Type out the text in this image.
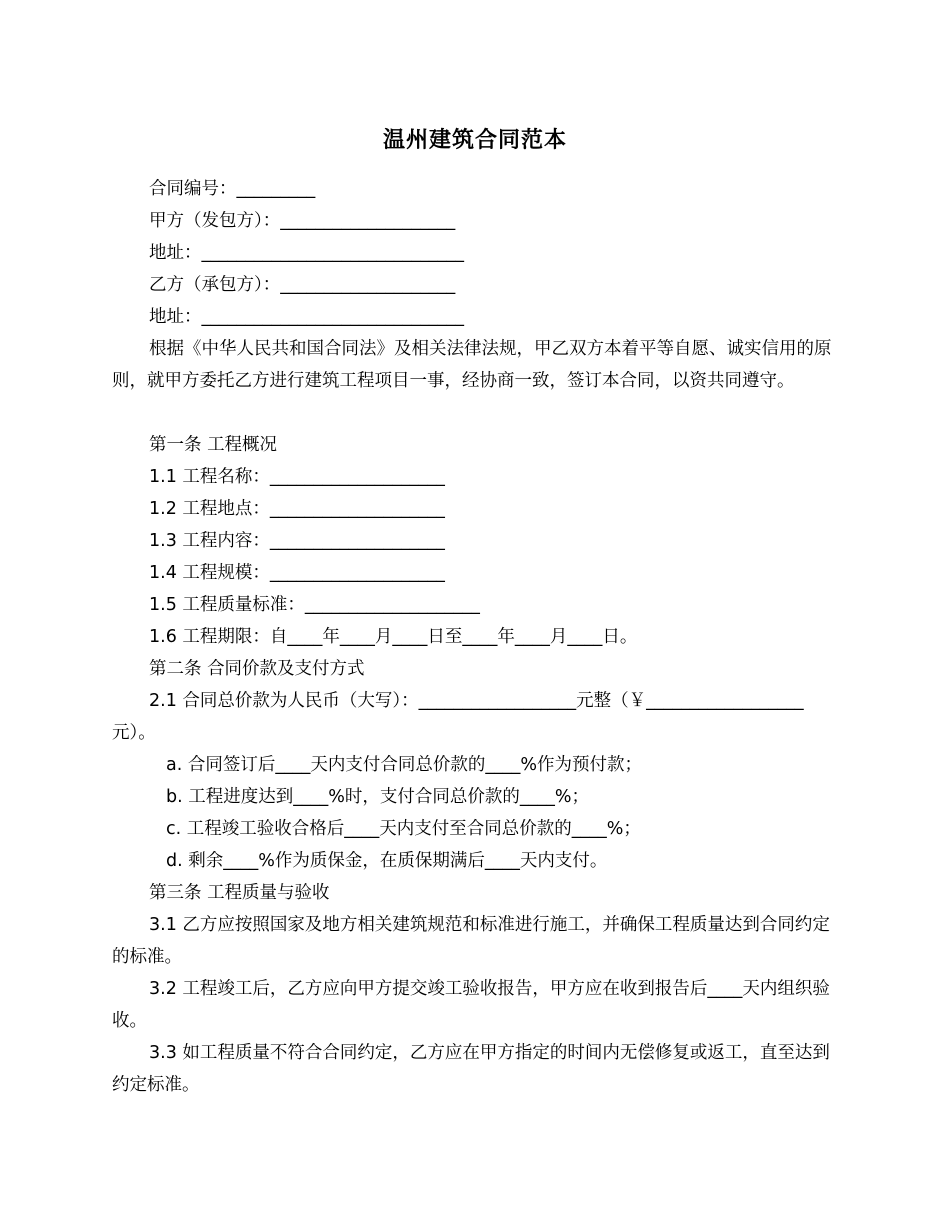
温州建筑合同范本
合同编号：_________
甲方（发包方）：____________________
地址：______________________________
乙方（承包方）：____________________
地址：______________________________
根据《中华人民共和国合同法》及相关法律法规，甲乙双方本着平等自愿、诚实信用的原则，就甲方委托乙方进行建筑工程项目一事，经协商一致，签订本合同，以资共同遵守。
第一条 工程概况
1.1 工程名称：____________________
1.2 工程地点：____________________
1.3 工程内容：____________________
1.4 工程规模：____________________
1.5 工程质量标准：____________________
1.6 工程期限：自____年____月____日至____年____月____日。
第二条 合同价款及支付方式
2.1 合同总价款为人民币（大写）：__________________元整（￥__________________元）。
a. 合同签订后____天内支付合同总价款的____%作为预付款；
b. 工程进度达到____%时，支付合同总价款的____%；
c. 工程竣工验收合格后____天内支付至合同总价款的____%；
d. 剩余____%作为质保金，在质保期满后____天内支付。
第三条 工程质量与验收
3.1 乙方应按照国家及地方相关建筑规范和标准进行施工，并确保工程质量达到合同约定的标准。
3.2 工程竣工后，乙方应向甲方提交竣工验收报告，甲方应在收到报告后____天内组织验收。
3.3 如工程质量不符合合同约定，乙方应在甲方指定的时间内无偿修复或返工，直至达到约定标准。
